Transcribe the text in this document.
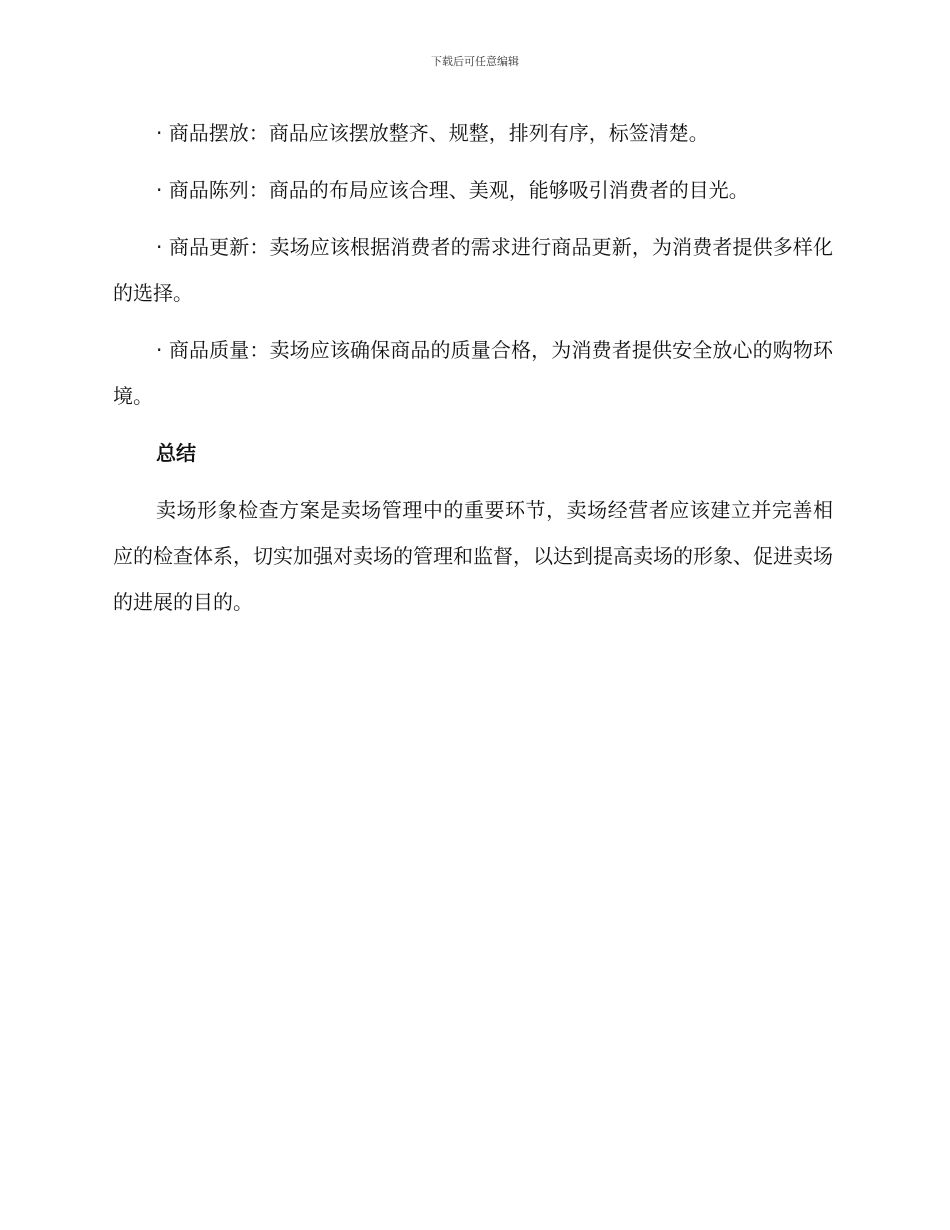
下载后可任意编辑

· 商品摆放：商品应该摆放整齐、规整，排列有序，标签清楚。

· 商品陈列：商品的布局应该合理、美观，能够吸引消费者的目光。

· 商品更新：卖场应该根据消费者的需求进行商品更新，为消费者提供多样化的选择。

· 商品质量：卖场应该确保商品的质量合格，为消费者提供安全放心的购物环境。

总结

卖场形象检查方案是卖场管理中的重要环节，卖场经营者应该建立并完善相应的检查体系，切实加强对卖场的管理和监督，以达到提高卖场的形象、促进卖场的进展的目的。
